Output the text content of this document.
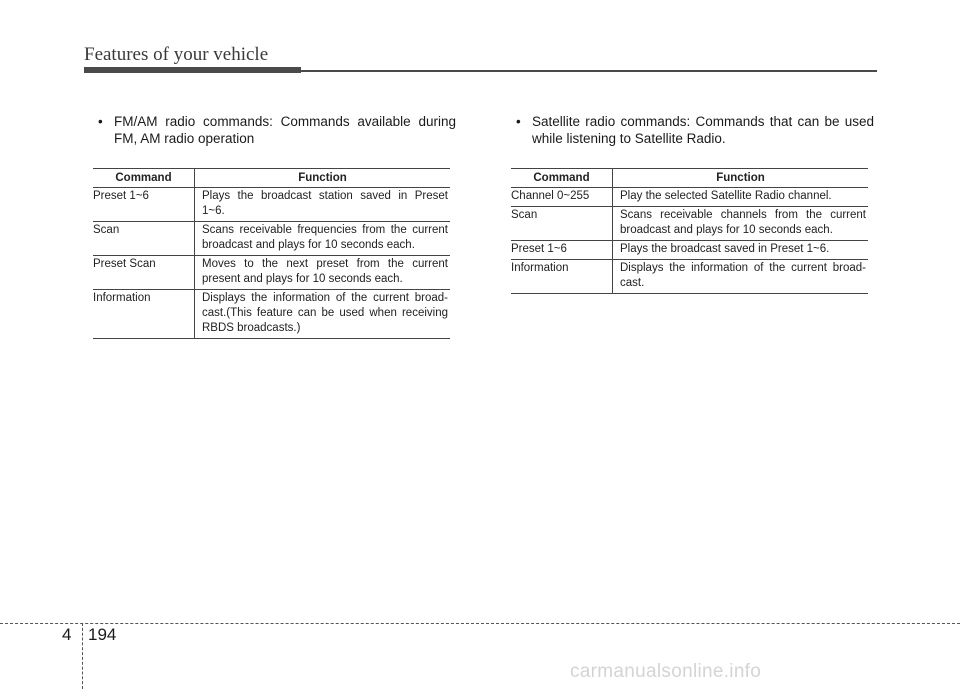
Features of your vehicle
• FM/AM radio commands: Commands available during FM, AM radio operation
Command	Function
Preset 1~6	Plays the broadcast station saved in Preset 1~6.
Scan	Scans receivable frequencies from the current broadcast and plays for 10 seconds each.
Preset Scan	Moves to the next preset from the current present and plays for 10 seconds each.
Information	Displays the information of the current broad-cast.(This feature can be used when receiving RBDS broadcasts.)
• Satellite radio commands: Commands that can be used while listening to Satellite Radio.
Command	Function
Channel 0~255	Play the selected Satellite Radio channel.
Scan	Scans receivable channels from the current broadcast and plays for 10 seconds each.
Preset 1~6	Plays the broadcast saved in Preset 1~6.
Information	Displays the information of the current broad-cast.
4 194
carmanualsonline.info
